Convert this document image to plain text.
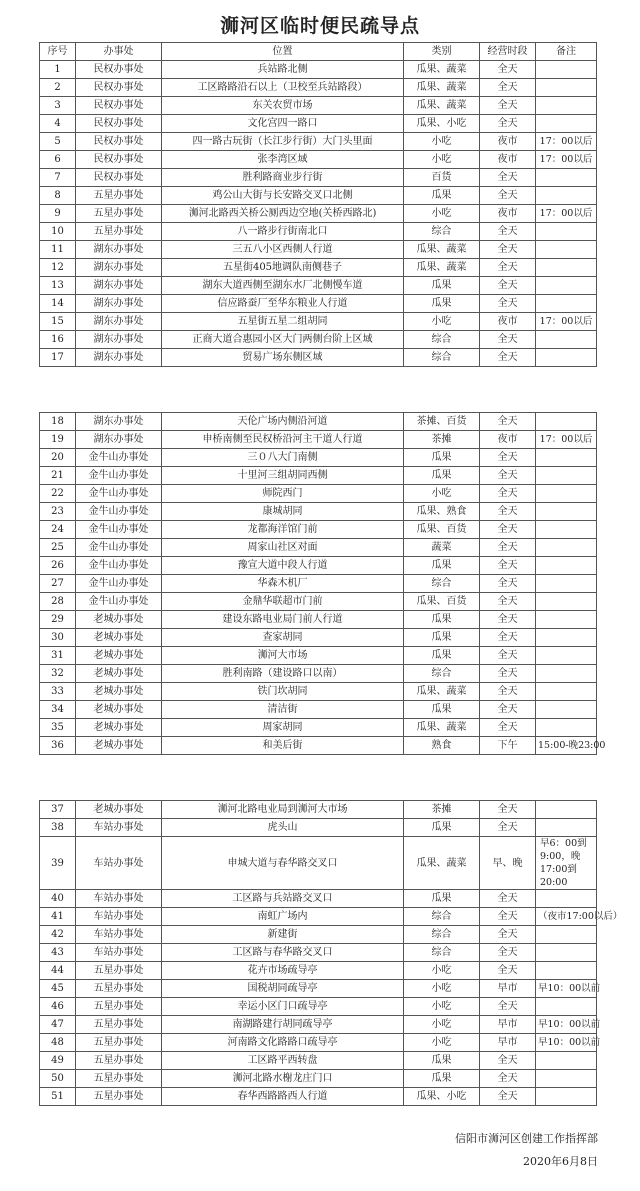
浉河区临时便民疏导点
序号	办事处	位置	类别	经营时段	备注
1	民权办事处	兵站路北侧	瓜果、蔬菜	全天	
2	民权办事处	工区路路沿石以上（卫校至兵站路段）	瓜果、蔬菜	全天	
3	民权办事处	东关农贸市场	瓜果、蔬菜	全天	
4	民权办事处	文化宫四一路口	瓜果、小吃	全天	
5	民权办事处	四一路古玩街（长江步行街）大门头里面	小吃	夜市	17：00以后
6	民权办事处	张李湾区域	小吃	夜市	17：00以后
7	民权办事处	胜利路商业步行街	百货	全天	
8	五星办事处	鸡公山大街与长安路交叉口北侧	瓜果	全天	
9	五星办事处	浉河北路西关桥公厕西边空地(关桥西路北)	小吃	夜市	17：00以后
10	五星办事处	八一路步行街南北口	综合	全天	
11	湖东办事处	三五八小区西侧人行道	瓜果、蔬菜	全天	
12	湖东办事处	五星街405地调队南侧巷子	瓜果、蔬菜	全天	
13	湖东办事处	湖东大道西侧至湖东水厂北侧慢车道	瓜果	全天	
14	湖东办事处	信应路蚕厂至华东粮业人行道	瓜果	全天	
15	湖东办事处	五星街五星二组胡同	小吃	夜市	17：00以后
16	湖东办事处	正商大道合惠园小区大门两侧台阶上区域	综合	全天	
17	湖东办事处	贸易广场东侧区域	综合	全天	
18	湖东办事处	天伦广场内侧沿河道	茶摊、百货	全天	
19	湖东办事处	申桥南侧至民权桥沿河主干道人行道	茶摊	夜市	17：00以后
20	金牛山办事处	三０八大门南侧	瓜果	全天	
21	金牛山办事处	十里河三组胡同西侧	瓜果	全天	
22	金牛山办事处	师院西门	小吃	全天	
23	金牛山办事处	康城胡同	瓜果、熟食	全天	
24	金牛山办事处	龙都海洋馆门前	瓜果、百货	全天	
25	金牛山办事处	周家山社区对面	蔬菜	全天	
26	金牛山办事处	豫宣大道中段人行道	瓜果	全天	
27	金牛山办事处	华森木机厂	综合	全天	
28	金牛山办事处	金鼎华联超市门前	瓜果、百货	全天	
29	老城办事处	建设东路电业局门前人行道	瓜果	全天	
30	老城办事处	查家胡同	瓜果	全天	
31	老城办事处	浉河大市场	瓜果	全天	
32	老城办事处	胜利南路（建设路口以南）	综合	全天	
33	老城办事处	铁门坎胡同	瓜果、蔬菜	全天	
34	老城办事处	清洁街	瓜果	全天	
35	老城办事处	周家胡同	瓜果、蔬菜	全天	
36	老城办事处	和美后街	熟食	下午	15:00-晚23:00
37	老城办事处	浉河北路电业局到浉河大市场	茶摊	全天	
38	车站办事处	虎头山	瓜果	全天	
39	车站办事处	申城大道与春华路交叉口	瓜果、蔬菜	早、晚	早6：00到9:00，晚17:00到20:00
40	车站办事处	工区路与兵站路交叉口	瓜果	全天	
41	车站办事处	南虹广场内	综合	全天	（夜市17:00以后）
42	车站办事处	新建街	综合	全天	
43	车站办事处	工区路与春华路交叉口	综合	全天	
44	五星办事处	花卉市场疏导亭	小吃	全天	
45	五星办事处	国税胡同疏导亭	小吃	早市	早10：00以前
46	五星办事处	幸运小区门口疏导亭	小吃	全天	
47	五星办事处	南湖路建行胡同疏导亭	小吃	早市	早10：00以前
48	五星办事处	河南路文化路路口疏导亭	小吃	早市	早10：00以前
49	五星办事处	工区路平西转盘	瓜果	全天	
50	五星办事处	浉河北路水榭龙庄门口	瓜果	全天	
51	五星办事处	春华西路路西人行道	瓜果、小吃	全天	

信阳市浉河区创建工作指挥部

2020年6月8日
